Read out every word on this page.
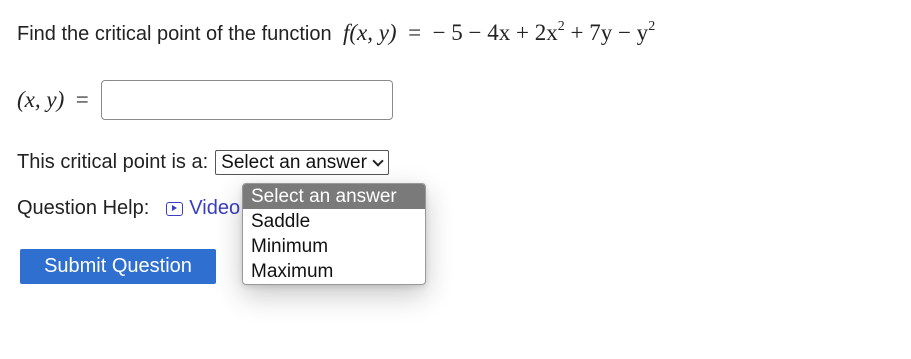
Find the critical point of the function f(x, y) = − $5 - 4x + 2x^2 + 7y - y^2$
(x, y) =
This critical point is a: Select an answer
Question Help: Video
Submit Question
Select an answer
Saddle
Minimum
Maximum
